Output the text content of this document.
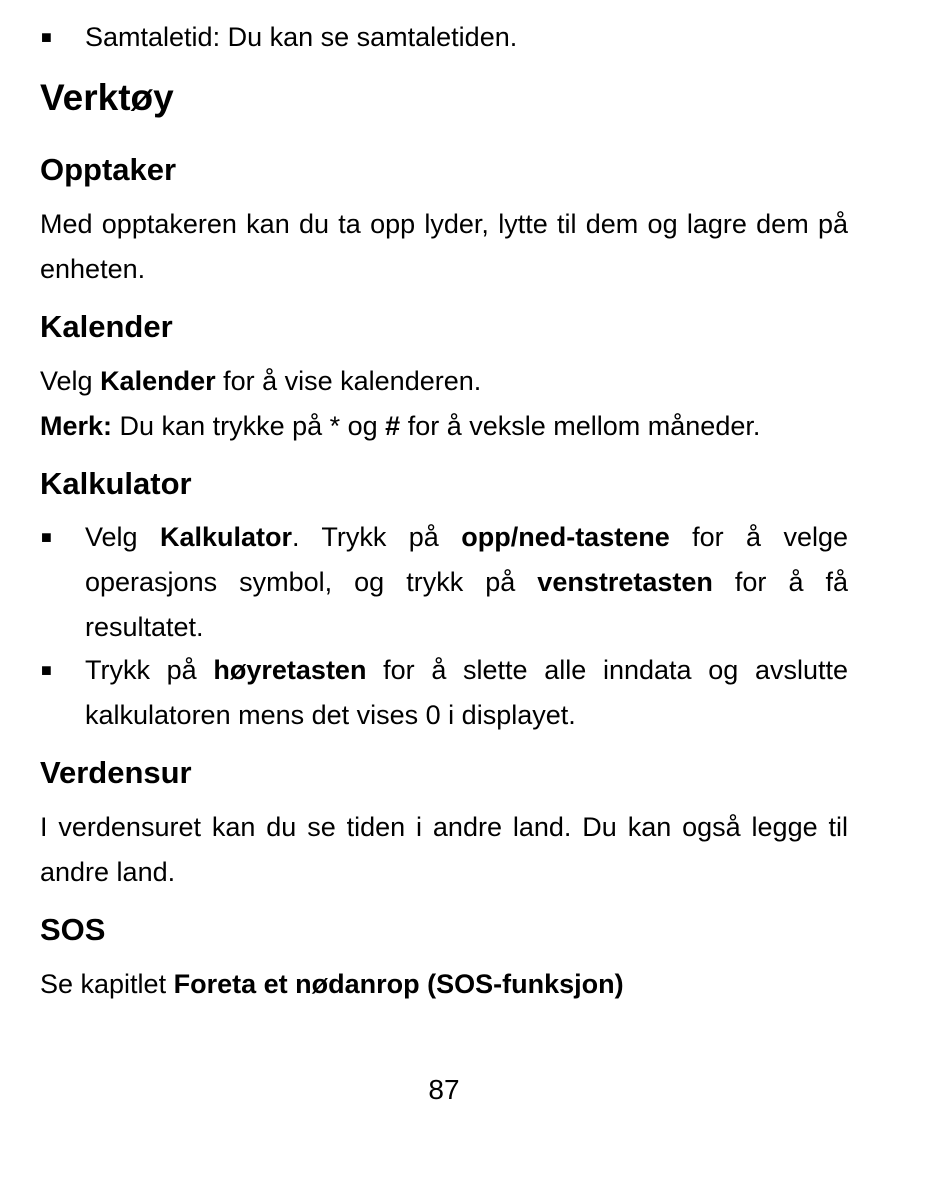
■ Samtaletid: Du kan se samtaletiden.
Verktøy
Opptaker
Med opptakeren kan du ta opp lyder, lytte til dem og lagre dem på enheten.
Kalender
Velg Kalender for å vise kalenderen.
Merk: Du kan trykke på * og # for å veksle mellom måneder.
Kalkulator
■ Velg Kalkulator. Trykk på opp/ned-tastene for å velge operasjons symbol, og trykk på venstretasten for å få resultatet.
■ Trykk på høyretasten for å slette alle inndata og avslutte kalkulatoren mens det vises 0 i displayet.
Verdensur
I verdensuret kan du se tiden i andre land. Du kan også legge til andre land.
SOS
Se kapitlet Foreta et nødanrop (SOS-funksjon)
87
